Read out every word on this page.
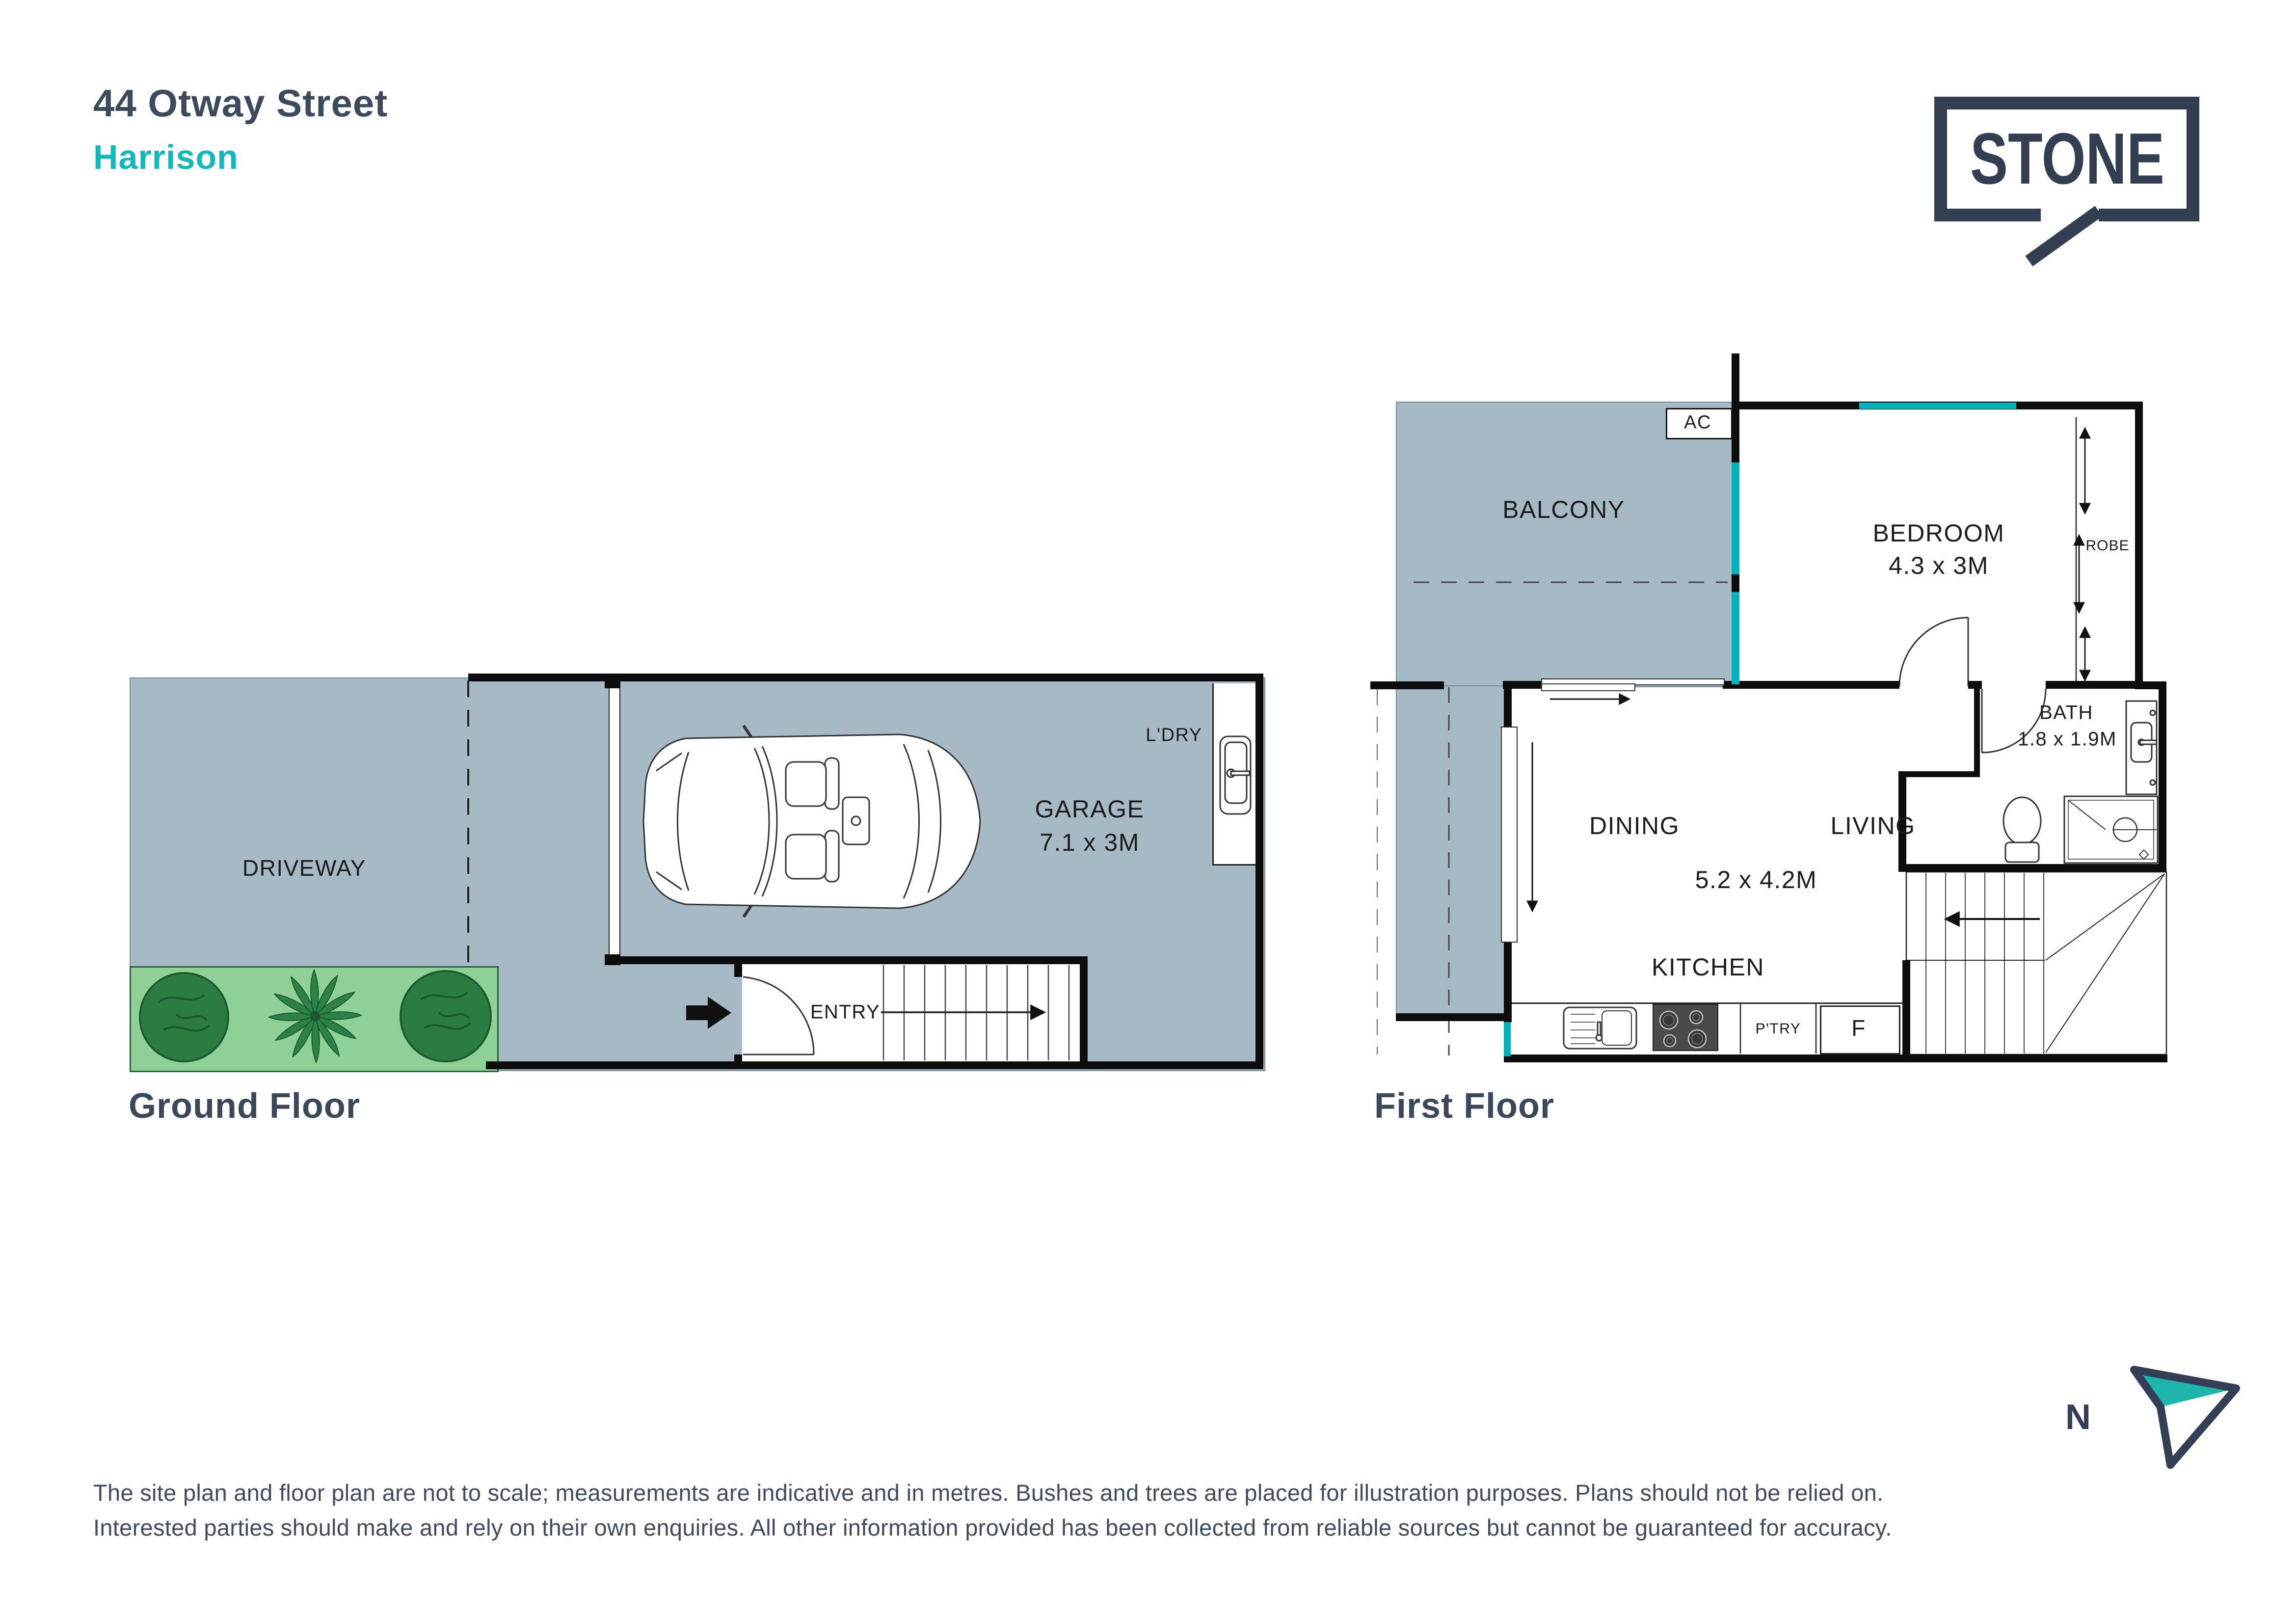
44 Otway Street
Harrison	STONE
DRIVEWAY
GARAGE
7.1 x 3M
L'DRY
ENTRY
BALCONY
AC
BEDROOM
4.3 x 3M
ROBE
BATH
1.8 x 1.9M
DINING	LIVING
5.2 x 4.2M
KITCHEN
P'TRY F
Ground Floor	First Floor
N
The site plan and floor plan are not to scale; measurements are indicative and in metres. Bushes and trees are placed for illustration purposes. Plans should not be relied on.
Interested parties should make and rely on their own enquiries. All other information provided has been collected from reliable sources but cannot be guaranteed for accuracy.
